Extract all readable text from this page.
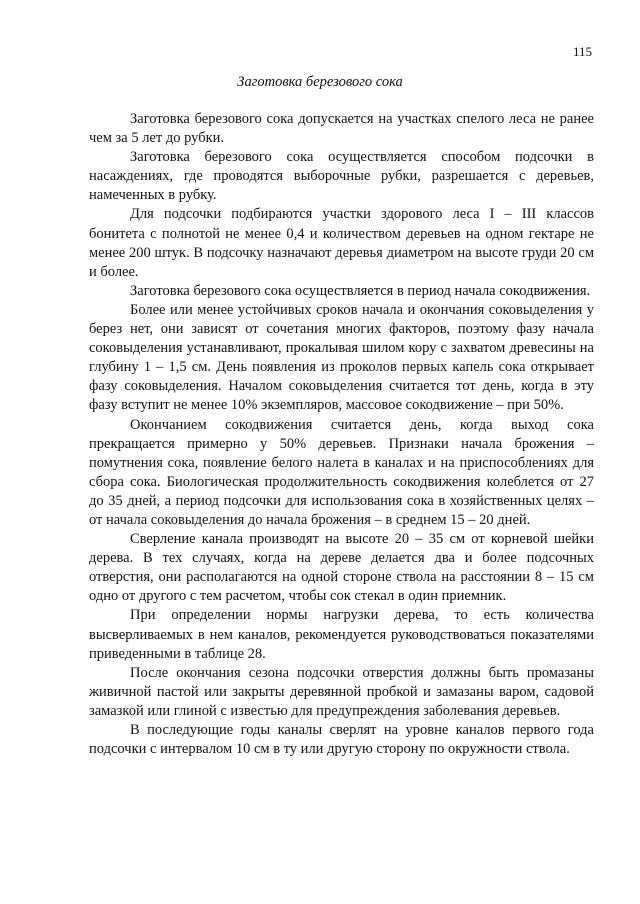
115
Заготовка березового сока

Заготовка березового сока допускается на участках спелого леса не ранее чем за 5 лет до рубки.

Заготовка березового сока осуществляется способом подсочки в насаждениях, где проводятся выборочные рубки, разрешается с деревьев, намеченных в рубку.

Для подсочки подбираются участки здорового леса I – III классов бонитета с полнотой не менее 0,4 и количеством деревьев на одном гектаре не менее 200 штук. В подсочку назначают деревья диаметром на высоте груди 20 см и более.

Заготовка березового сока осуществляется в период начала сокодвижения.

Более или менее устойчивых сроков начала и окончания соковыделения у берез нет, они зависят от сочетания многих факторов, поэтому фазу начала соковыделения устанавливают, прокалывая шилом кору с захватом древесины на глубину 1 – 1,5 см. День появления из проколов первых капель сока открывает фазу соковыделения. Началом соковыделения считается тот день, когда в эту фазу вступит не менее 10% экземпляров, массовое сокодвижение – при 50%.

Окончанием сокодвижения считается день, когда выход сока прекращается примерно у 50% деревьев. Признаки начала брожения – помутнения сока, появление белого налета в каналах и на приспособлениях для сбора сока. Биологическая продолжительность сокодвижения колеблется от 27 до 35 дней, а период подсочки для использования сока в хозяйственных целях – от начала соковыделения до начала брожения – в среднем 15 – 20 дней.

Сверление канала производят на высоте 20 – 35 см от корневой шейки дерева. В тех случаях, когда на дереве делается два и более подсочных отверстия, они располагаются на одной стороне ствола на расстоянии 8 – 15 см одно от другого с тем расчетом, чтобы сок стекал в один приемник.

При определении нормы нагрузки дерева, то есть количества высверливаемых в нем каналов, рекомендуется руководствоваться показателями приведенными в таблице 28.

После окончания сезона подсочки отверстия должны быть промазаны живичной пастой или закрыты деревянной пробкой и замазаны варом, садовой замазкой или глиной с известью для предупреждения заболевания деревьев.

В последующие годы каналы сверлят на уровне каналов первого года подсочки с интервалом 10 см в ту или другую сторону по окружности ствола.
